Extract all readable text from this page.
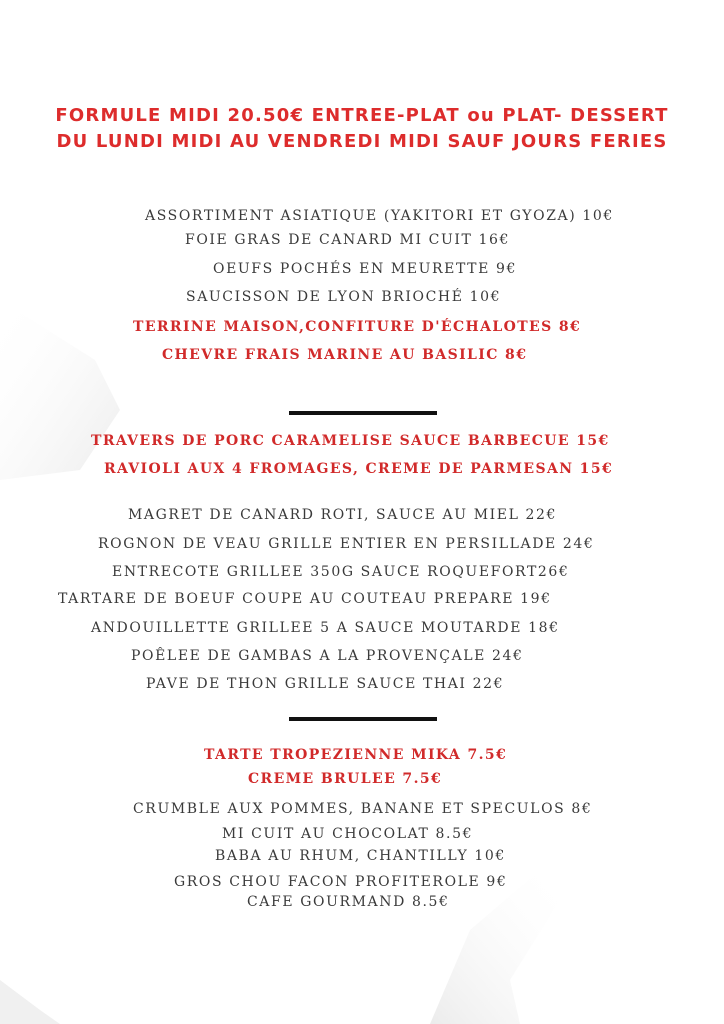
FORMULE MIDI 20.50€ ENTREE-PLAT ou PLAT- DESSERT
DU LUNDI MIDI AU VENDREDI MIDI SAUF JOURS FERIES

ASSORTIMENT ASIATIQUE (YAKITORI ET GYOZA) 10€

FOIE GRAS DE CANARD MI CUIT 16€

OEUFS POCHÉS EN MEURETTE 9€

SAUCISSON DE LYON BRIOCHÉ 10€

TERRINE MAISON,CONFITURE D'ÉCHALOTES 8€

CHEVRE FRAIS MARINE AU BASILIC 8€

TRAVERS DE PORC CARAMELISE SAUCE BARBECUE 15€

RAVIOLI AUX 4 FROMAGES, CREME DE PARMESAN 15€

MAGRET DE CANARD ROTI, SAUCE AU MIEL 22€

ROGNON DE VEAU GRILLE ENTIER EN PERSILLADE 24€

ENTRECOTE GRILLEE 350G SAUCE ROQUEFORT26€

TARTARE DE BOEUF COUPE AU COUTEAU PREPARE 19€

ANDOUILLETTE GRILLEE 5 A SAUCE MOUTARDE 18€

POÊLEE DE GAMBAS A LA PROVENÇALE 24€

PAVE DE THON GRILLE SAUCE THAI 22€

TARTE TROPEZIENNE MIKA 7.5€

CREME BRULEE 7.5€

CRUMBLE AUX POMMES, BANANE ET SPECULOS 8€

MI CUIT AU CHOCOLAT 8.5€

BABA AU RHUM, CHANTILLY 10€

GROS CHOU FACON PROFITEROLE 9€

CAFE GOURMAND 8.5€
